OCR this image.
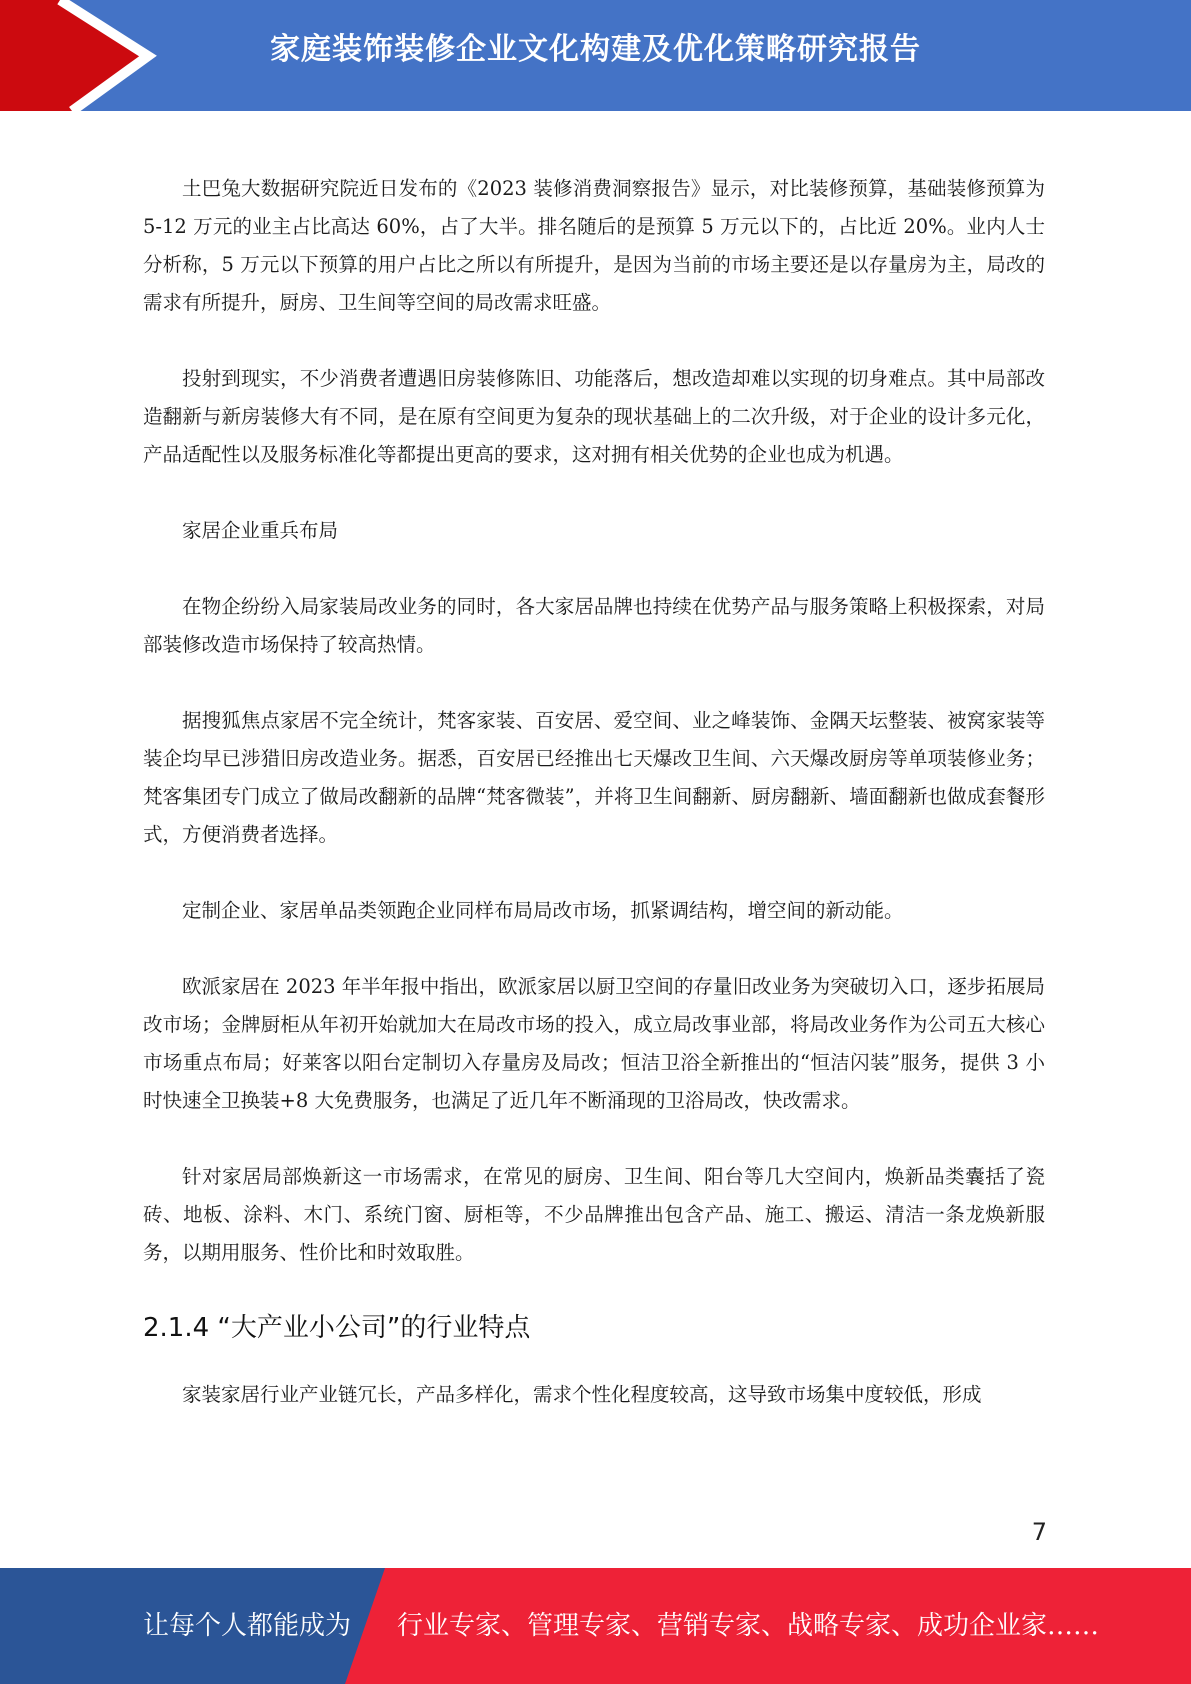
家庭装饰装修企业文化构建及优化策略研究报告

土巴兔大数据研究院近日发布的《2023 装修消费洞察报告》显示，对比装修预算，基础装修预算为 5-12 万元的业主占比高达 60%，占了大半。排名随后的是预算 5 万元以下的，占比近 20%。业内人士分析称，5 万元以下预算的用户占比之所以有所提升，是因为当前的市场主要还是以存量房为主，局改的需求有所提升，厨房、卫生间等空间的局改需求旺盛。

投射到现实，不少消费者遭遇旧房装修陈旧、功能落后，想改造却难以实现的切身难点。其中局部改造翻新与新房装修大有不同，是在原有空间更为复杂的现状基础上的二次升级，对于企业的设计多元化，产品适配性以及服务标准化等都提出更高的要求，这对拥有相关优势的企业也成为机遇。

家居企业重兵布局

在物企纷纷入局家装局改业务的同时，各大家居品牌也持续在优势产品与服务策略上积极探索，对局部装修改造市场保持了较高热情。

据搜狐焦点家居不完全统计，梵客家装、百安居、爱空间、业之峰装饰、金隅天坛整装、被窝家装等装企均早已涉猎旧房改造业务。据悉，百安居已经推出七天爆改卫生间、六天爆改厨房等单项装修业务；梵客集团专门成立了做局改翻新的品牌“梵客微装”，并将卫生间翻新、厨房翻新、墙面翻新也做成套餐形式，方便消费者选择。

定制企业、家居单品类领跑企业同样布局局改市场，抓紧调结构，增空间的新动能。

欧派家居在 2023 年半年报中指出，欧派家居以厨卫空间的存量旧改业务为突破切入口，逐步拓展局改市场；金牌厨柜从年初开始就加大在局改市场的投入，成立局改事业部，将局改业务作为公司五大核心市场重点布局；好莱客以阳台定制切入存量房及局改；恒洁卫浴全新推出的“恒洁闪装”服务，提供 3 小时快速全卫换装+8 大免费服务，也满足了近几年不断涌现的卫浴局改，快改需求。

针对家居局部焕新这一市场需求，在常见的厨房、卫生间、阳台等几大空间内，焕新品类囊括了瓷砖、地板、涂料、木门、系统门窗、厨柜等，不少品牌推出包含产品、施工、搬运、清洁一条龙焕新服务，以期用服务、性价比和时效取胜。

2.1.4 “大产业小公司”的行业特点

家装家居行业产业链冗长，产品多样化，需求个性化程度较高，这导致市场集中度较低，形成

7
让每个人都能成为 行业专家、管理专家、营销专家、战略专家、成功企业家……
